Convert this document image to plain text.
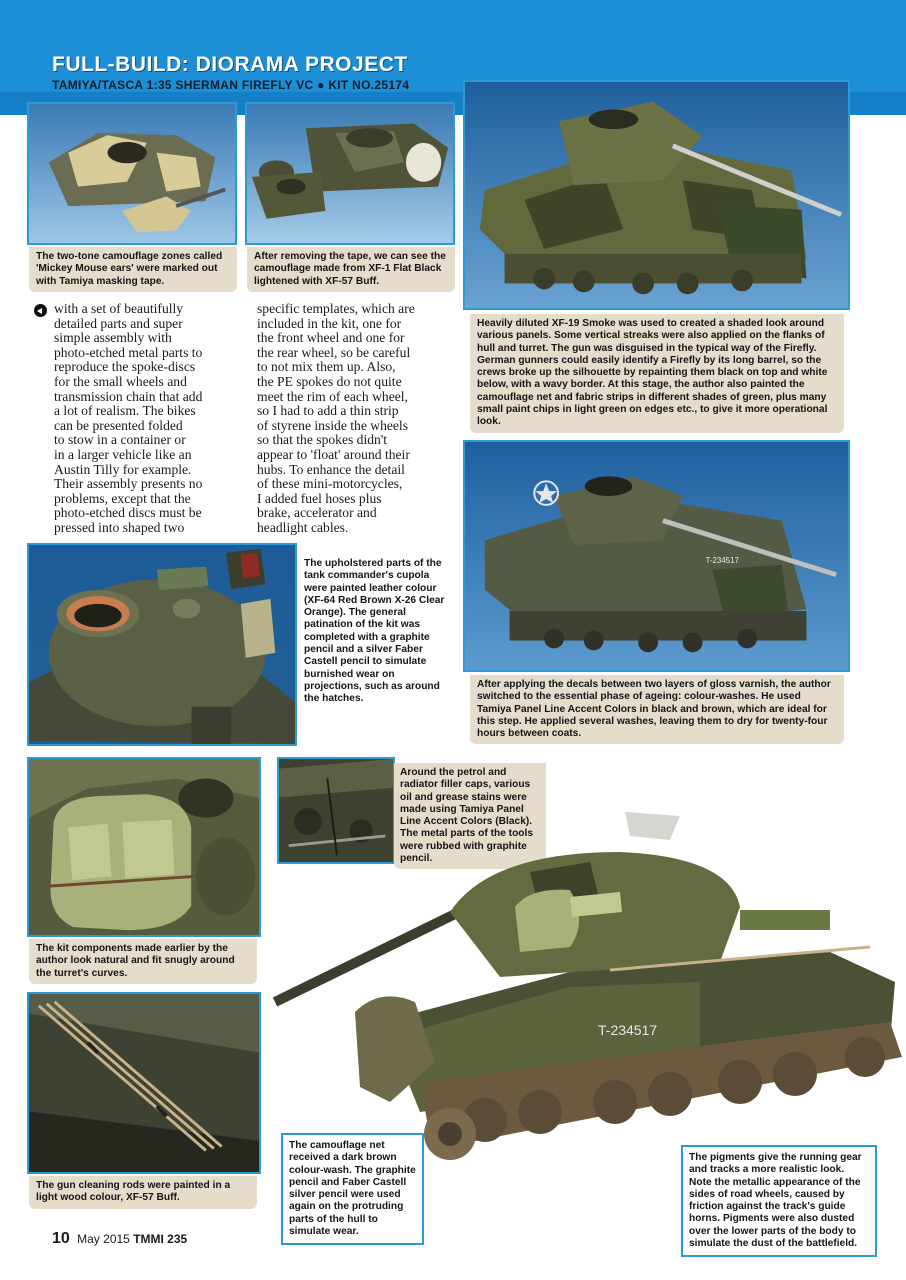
FULL-BUILD: DIORAMA PROJECT
TAMIYA/TASCA 1:35 SHERMAN FIREFLY VC ● KIT NO.25174
The two-tone camouflage zones called 'Mickey Mouse ears' were marked out with Tamiya masking tape.
After removing the tape, we can see the camouflage made from XF-1 Flat Black lightened with XF-57 Buff.
Heavily diluted XF-19 Smoke was used to created a shaded look around various panels. Some vertical streaks were also applied on the flanks of hull and turret. The gun was disguised in the typical way of the Firefly. German gunners could easily identify a Firefly by its long barrel, so the crews broke up the silhouette by repainting them black on top and white below, with a wavy border. At this stage, the author also painted the camouflage net and fabric strips in different shades of green, plus many small paint chips in light green on edges etc., to give it more operational look.

with a set of beautifully
detailed parts and super
simple assembly with
photo-etched metal parts to
reproduce the spoke-discs
for the small wheels and
transmission chain that add
a lot of realism. The bikes
can be presented folded
to stow in a container or
in a larger vehicle like an
Austin Tilly for example.
Their assembly presents no
problems, except that the
photo-etched discs must be
pressed into shaped two

specific templates, which are
included in the kit, one for
the front wheel and one for
the rear wheel, so be careful
to not mix them up. Also,
the PE spokes do not quite
meet the rim of each wheel,
so I had to add a thin strip
of styrene inside the wheels
so that the spokes didn't
appear to 'float' around their
hubs. To enhance the detail
of these mini-motorcycles,
I added fuel hoses plus
brake, accelerator and
headlight cables.

The upholstered parts of the tank commander's cupola were painted leather colour (XF-64 Red Brown X-26 Clear Orange). The general patination of the kit was completed with a graphite pencil and a silver Faber Castell pencil to simulate burnished wear on projections, such as around the hatches.
T-234517
After applying the decals between two layers of gloss varnish, the author switched to the essential phase of ageing: colour-washes. He used Tamiya Panel Line Accent Colors in black and brown, which are ideal for this step. He applied several washes, leaving them to dry for twenty-four hours between coats.
The kit components made earlier by the author look natural and fit snugly around the turret's curves.
Around the petrol and radiator filler caps, various oil and grease stains were made using Tamiya Panel Line Accent Colors (Black). The metal parts of the tools were rubbed with graphite pencil.
The gun cleaning rods were painted in a light wood colour, XF-57 Buff.
T-234517
The camouflage net received a dark brown colour-wash. The graphite pencil and Faber Castell silver pencil were used again on the protruding parts of the hull to simulate wear.
The pigments give the running gear and tracks a more realistic look. Note the metallic appearance of the sides of road wheels, caused by friction against the track's guide horns. Pigments were also dusted over the lower parts of the body to simulate the dust of the battlefield.
10 May 2015 TMMI 235
